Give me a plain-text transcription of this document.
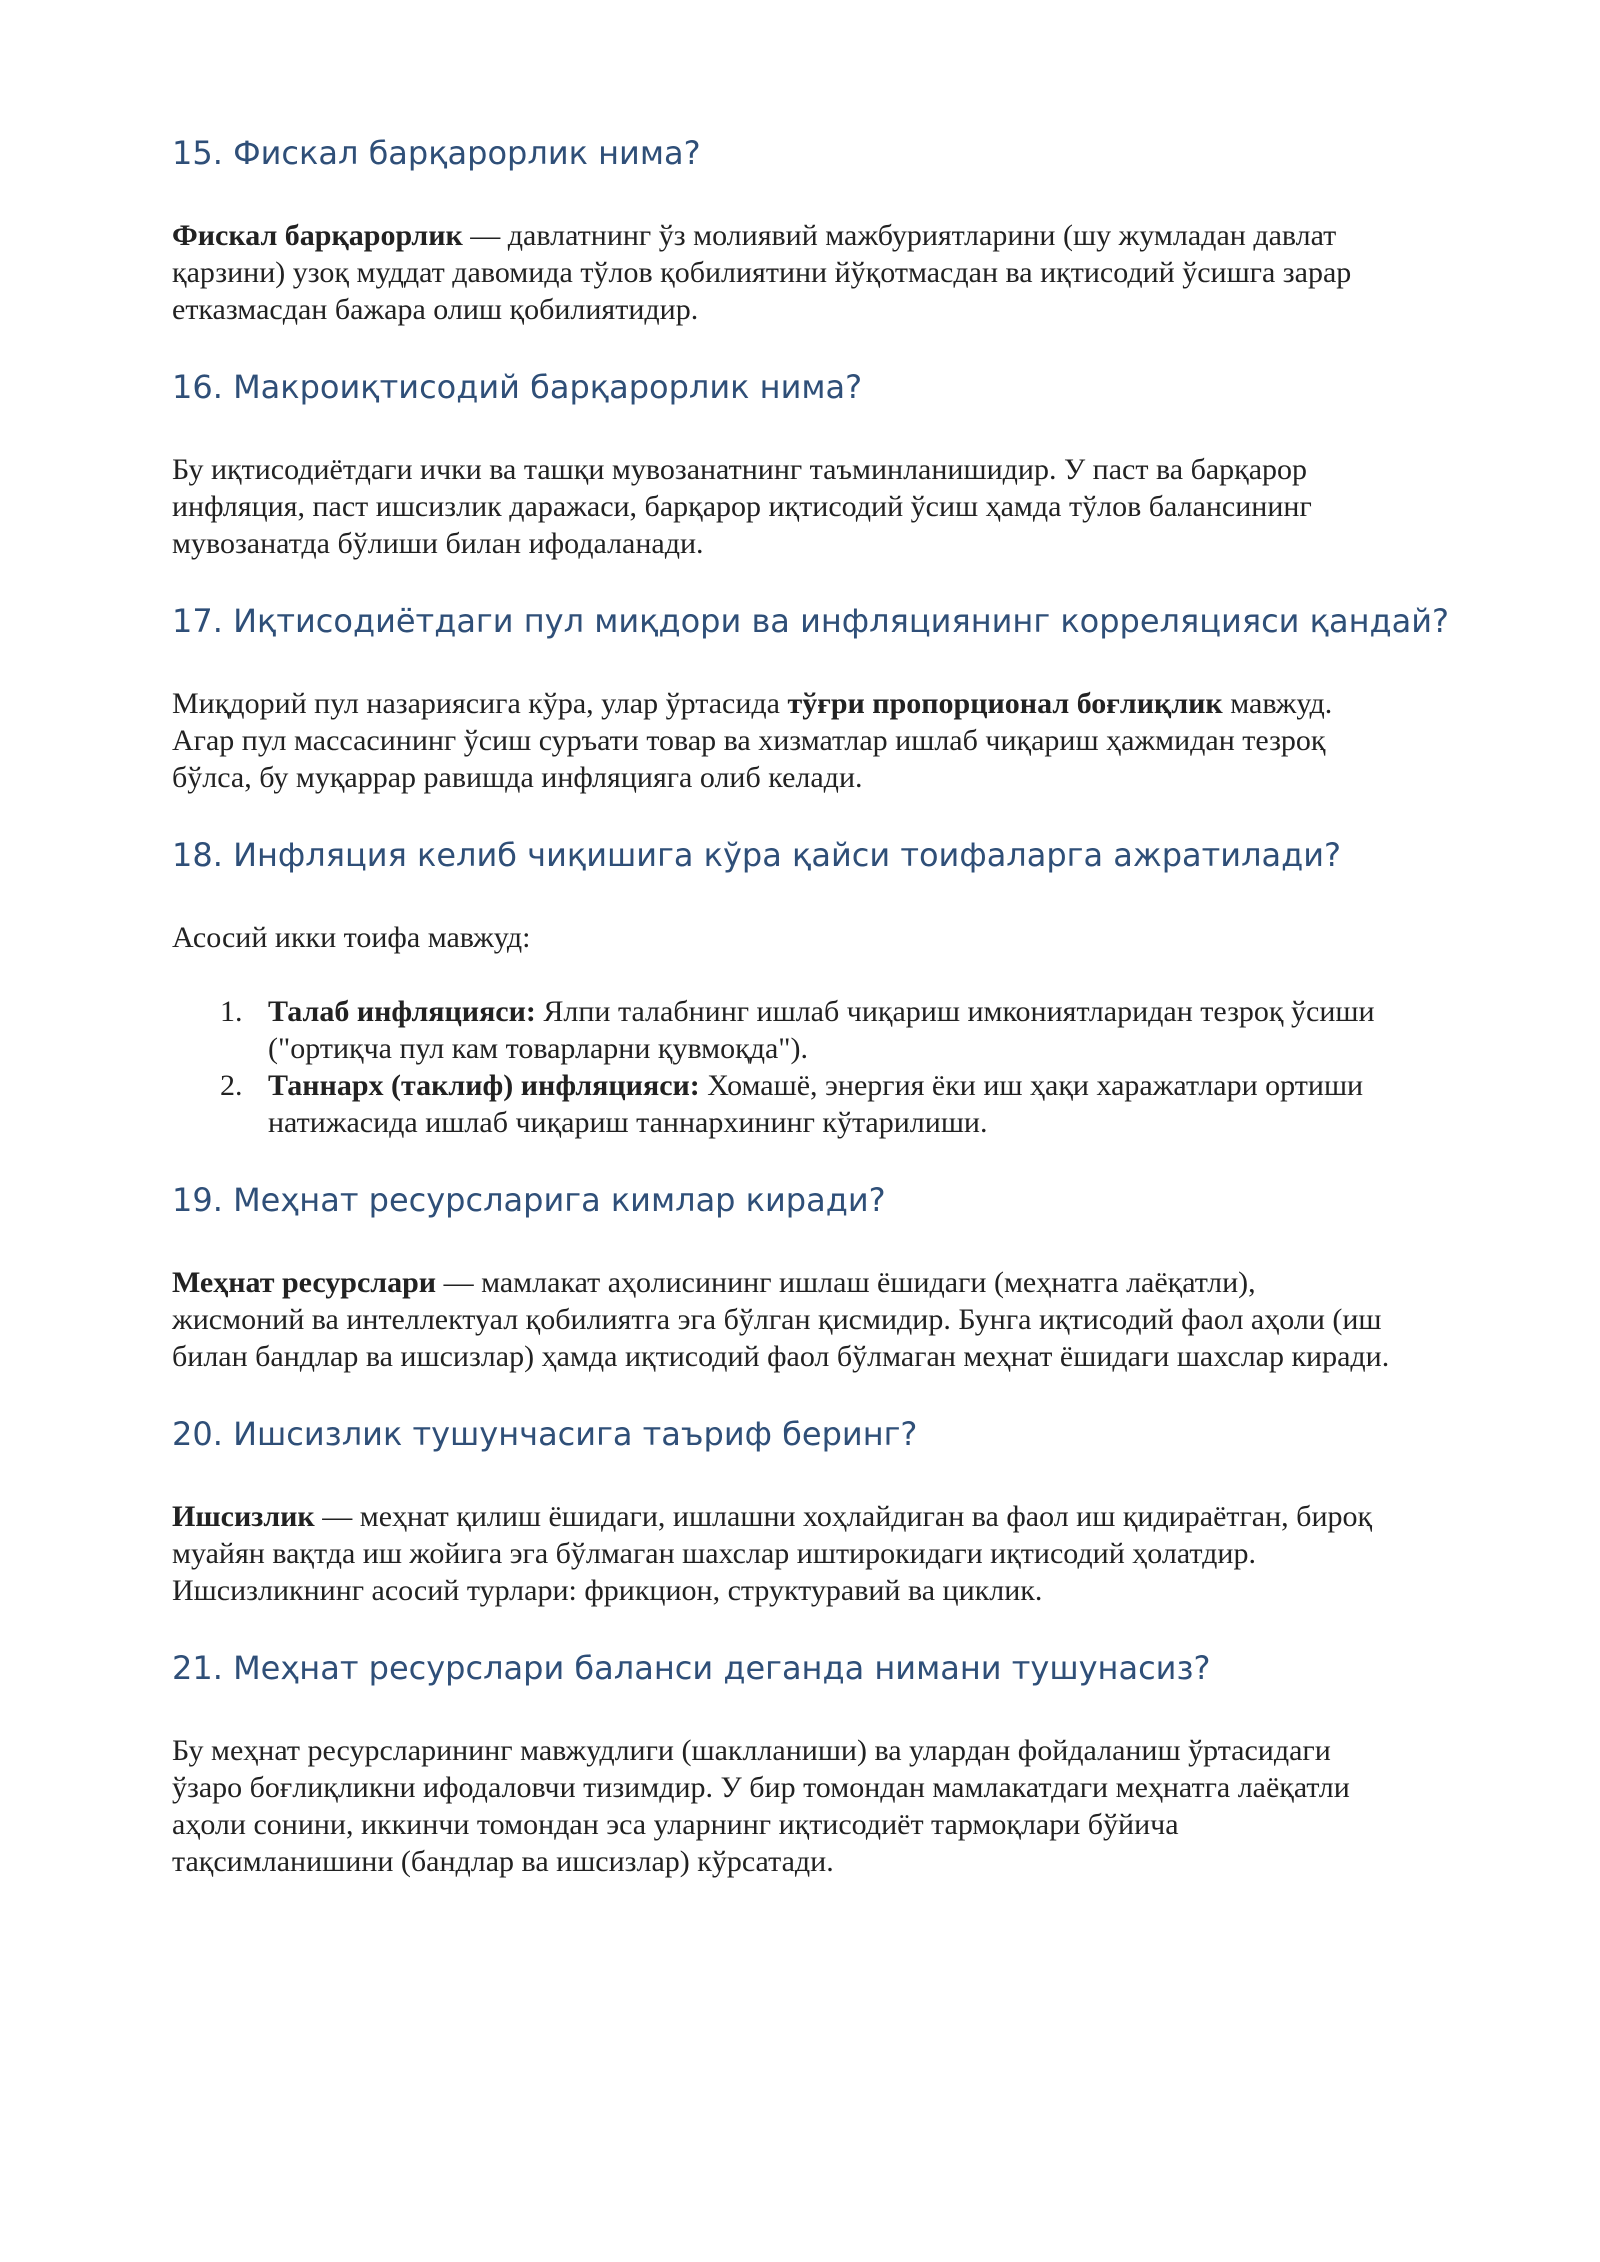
15. Фискал барқарорлик нима?

Фискал барқарорлик — давлатнинг ўз молиявий мажбуриятларини (шу жумладан давлат
қарзини) узоқ муддат давомида тўлов қобилиятини йўқотмасдан ва иқтисодий ўсишга зарар
етказмасдан бажара олиш қобилиятидир.

16. Макроиқтисодий барқарорлик нима?

Бу иқтисодиётдаги ички ва ташқи мувозанатнинг таъминланишидир. У паст ва барқарор
инфляция, паст ишсизлик даражаси, барқарор иқтисодий ўсиш ҳамда тўлов балансининг
мувозанатда бўлиши билан ифодаланади.

17. Иқтисодиётдаги пул миқдори ва инфляциянинг корреляцияси қандай?

Миқдорий пул назариясига кўра, улар ўртасида тўғри пропорционал боғлиқлик мавжуд.
Агар пул массасининг ўсиш суръати товар ва хизматлар ишлаб чиқариш ҳажмидан тезроқ
бўлса, бу муқаррар равишда инфляцияга олиб келади.

18. Инфляция келиб чиқишига кўра қайси тоифаларга ажратилади?

Асосий икки тоифа мавжуд:

1. Талаб инфляцияси: Ялпи талабнинг ишлаб чиқариш имкониятларидан тезроқ ўсиши
("ортиқча пул кам товарларни қувмоқда").
2. Таннарх (таклиф) инфляцияси: Хомашё, энергия ёки иш ҳақи харажатлари ортиши
натижасида ишлаб чиқариш таннархининг кўтарилиши.
19. Меҳнат ресурсларига кимлар киради?

Меҳнат ресурслари — мамлакат аҳолисининг ишлаш ёшидаги (меҳнатга лаёқатли),
жисмоний ва интеллектуал қобилиятга эга бўлган қисмидир. Бунга иқтисодий фаол аҳоли (иш
билан бандлар ва ишсизлар) ҳамда иқтисодий фаол бўлмаган меҳнат ёшидаги шахслар киради.

20. Ишсизлик тушунчасига таъриф беринг?

Ишсизлик — меҳнат қилиш ёшидаги, ишлашни хоҳлайдиган ва фаол иш қидираётган, бироқ
муайян вақтда иш жойига эга бўлмаган шахслар иштирокидаги иқтисодий ҳолатдир.
Ишсизликнинг асосий турлари: фрикцион, структуравий ва циклик.

21. Меҳнат ресурслари баланси деганда нимани тушунасиз?

Бу меҳнат ресурсларининг мавжудлиги (шаклланиши) ва улардан фойдаланиш ўртасидаги
ўзаро боғлиқликни ифодаловчи тизимдир. У бир томондан мамлакатдаги меҳнатга лаёқатли
аҳоли сонини, иккинчи томондан эса уларнинг иқтисодиёт тармоқлари бўйича
тақсимланишини (бандлар ва ишсизлар) кўрсатади.
